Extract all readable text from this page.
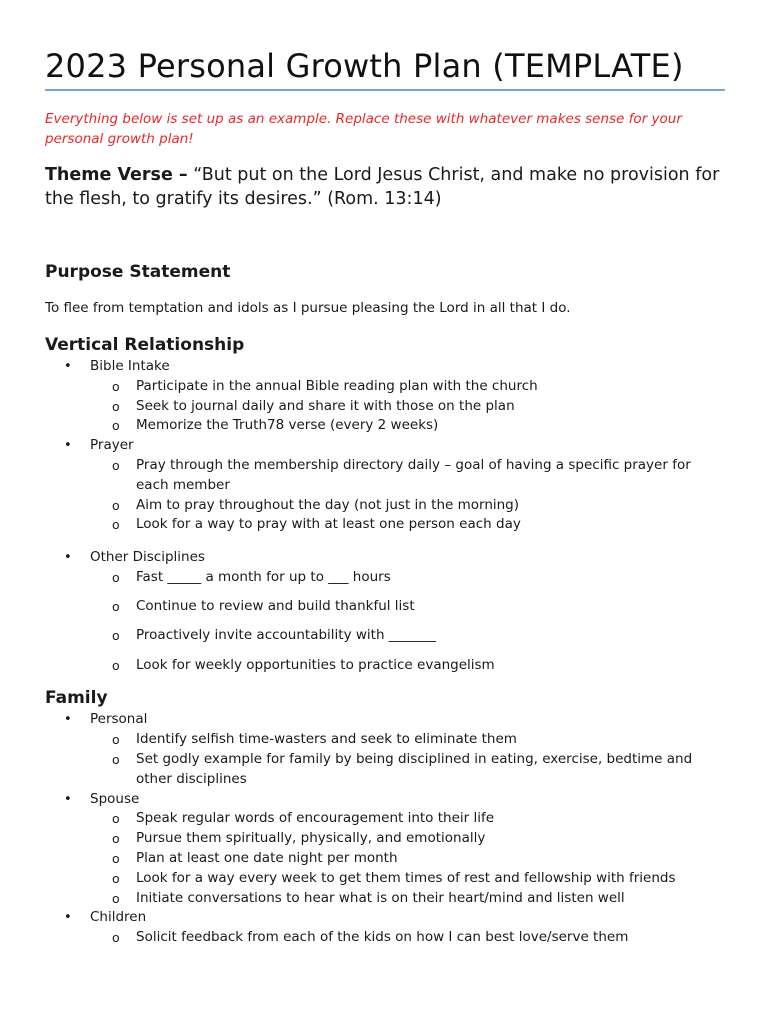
2023 Personal Growth Plan (TEMPLATE)

Everything below is set up as an example. Replace these with whatever makes sense for your personal growth plan!

Theme Verse – “But put on the Lord Jesus Christ, and make no provision for the flesh, to gratify its desires.” (Rom. 13:14)

Purpose Statement

To flee from temptation and idols as I pursue pleasing the Lord in all that I do.

Vertical Relationship
• Bible Intake
o Participate in the annual Bible reading plan with the church
o Seek to journal daily and share it with those on the plan
o Memorize the Truth78 verse (every 2 weeks)
• Prayer
o Pray through the membership directory daily – goal of having a specific prayer for each member
o Aim to pray throughout the day (not just in the morning)
o Look for a way to pray with at least one person each day
• Other Disciplines
o Fast _____ a month for up to ___ hours
o Continue to review and build thankful list
o Proactively invite accountability with _______
o Look for weekly opportunities to practice evangelism
Family
• Personal
o Identify selfish time-wasters and seek to eliminate them
o Set godly example for family by being disciplined in eating, exercise, bedtime and other disciplines
• Spouse
o Speak regular words of encouragement into their life
o Pursue them spiritually, physically, and emotionally
o Plan at least one date night per month
o Look for a way every week to get them times of rest and fellowship with friends
o Initiate conversations to hear what is on their heart/mind and listen well
• Children
o Solicit feedback from each of the kids on how I can best love/serve them
